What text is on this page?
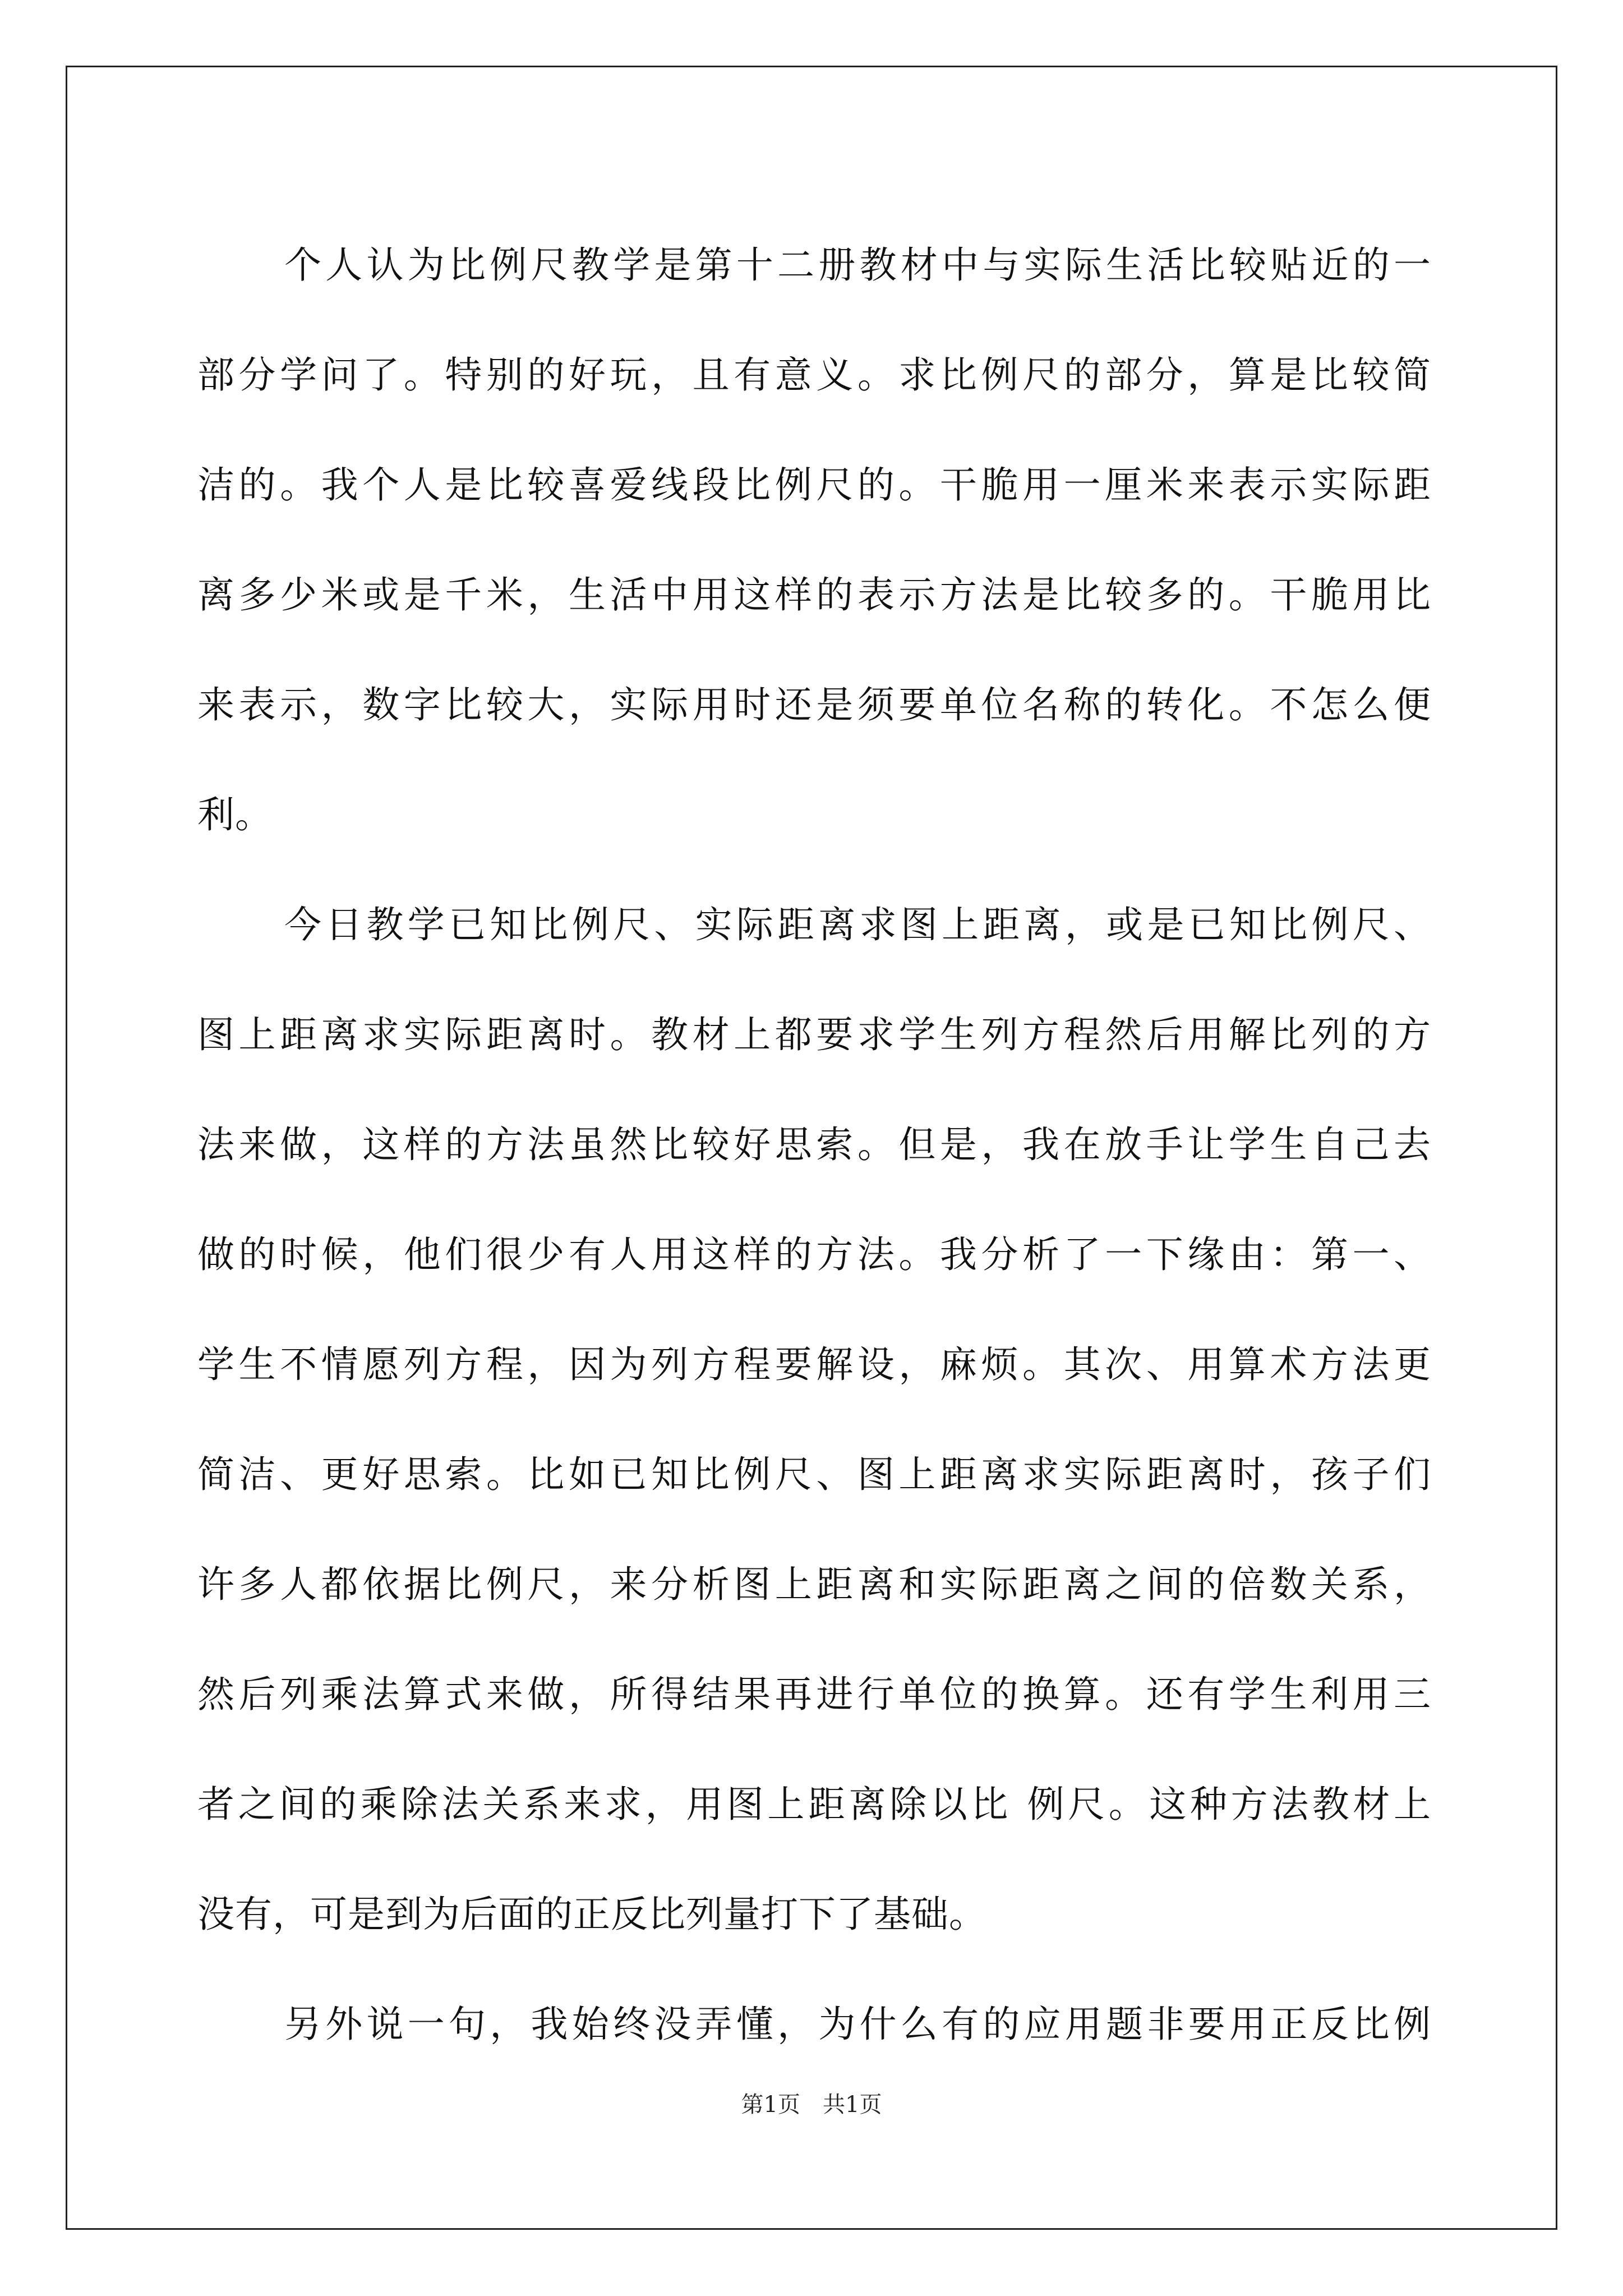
个人认为比例尺教学是第十二册教材中与实际生活比较贴近的一
部分学问了。特别的好玩，且有意义。求比例尺的部分，算是比较简
洁的。我个人是比较喜爱线段比例尺的。干脆用一厘米来表示实际距
离多少米或是千米，生活中用这样的表示方法是比较多的。干脆用比
来表示，数字比较大，实际用时还是须要单位名称的转化。不怎么便
利。
今日教学已知比例尺、实际距离求图上距离，或是已知比例尺、
图上距离求实际距离时。教材上都要求学生列方程然后用解比列的方
法来做，这样的方法虽然比较好思索。但是，我在放手让学生自己去
做的时候，他们很少有人用这样的方法。我分析了一下缘由：第一、
学生不情愿列方程，因为列方程要解设，麻烦。其次、用算术方法更
简洁、更好思索。比如已知比例尺、图上距离求实际距离时，孩子们
许多人都依据比例尺，来分析图上距离和实际距离之间的倍数关系，
然后列乘法算式来做，所得结果再进行单位的换算。还有学生利用三
者之间的乘除法关系来求，用图上距离除以比 例尺。这种方法教材上
没有，可是到为后面的正反比列量打下了基础。
另外说一句，我始终没弄懂，为什么有的应用题非要用正反比例
第1页　共1页
